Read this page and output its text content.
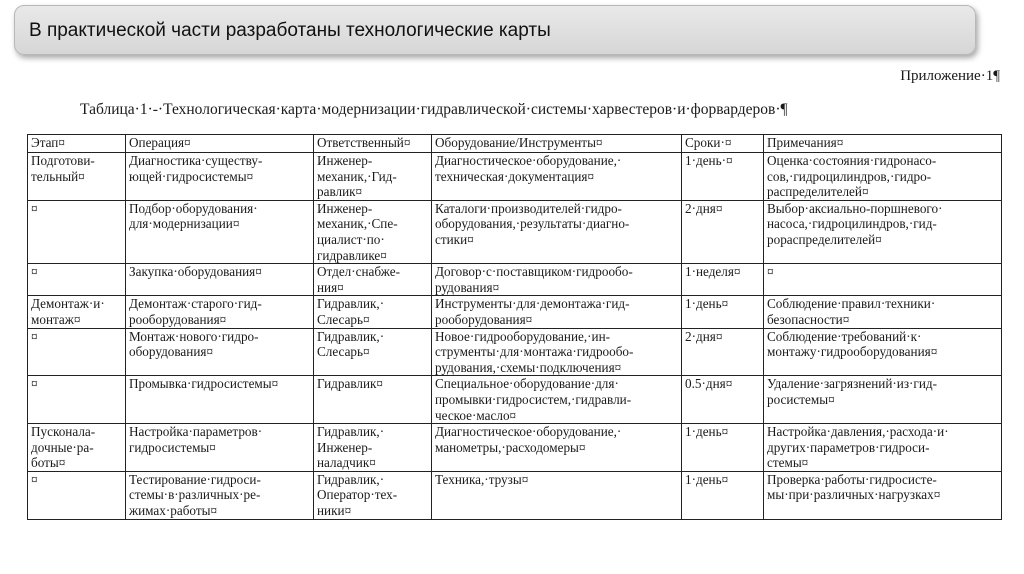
В практической части разработаны технологические карты
Приложение·1¶
Таблица·1·-·Технологическая·карта·модернизации·гидравлической·системы·харвестеров·и·форвардеров·¶
Этап¤	Операция¤	Ответственный¤	Оборудование/Инструменты¤	Сроки·¤	Примечания¤
Подготови-
тельный¤	Диагностика·существу-
ющей·гидросистемы¤	Инженер-
механик,·Гид-
равлик¤	Диагностическое·оборудование,·
техническая·документация¤	1·день·¤	Оценка·состояния·гидронасо-
сов,·гидроцилиндров,·гидро-
распределителей¤
¤	Подбор·оборудования·
для·модернизации¤	Инженер-
механик,·Спе-
циалист·по·
гидравлике¤	Каталоги·производителей·гидро-
оборудования,·результаты·диагно-
стики¤	2·дня¤	Выбор·аксиально-поршневого·
насоса,·гидроцилиндров,·гид-
рораспределителей¤
¤	Закупка·оборудования¤	Отдел·снабже-
ния¤	Договор·с·поставщиком·гидрообо-
рудования¤	1·неделя¤	¤
Демонтаж·и·
монтаж¤	Демонтаж·старого·гид-
рооборудования¤	Гидравлик,·
Слесарь¤	Инструменты·для·демонтажа·гид-
рооборудования¤	1·день¤	Соблюдение·правил·техники·
безопасности¤
¤	Монтаж·нового·гидро-
оборудования¤	Гидравлик,·
Слесарь¤	Новое·гидрооборудование,·ин-
струменты·для·монтажа·гидрообо-
рудования,·схемы·подключения¤	2·дня¤	Соблюдение·требований·к·
монтажу·гидрооборудования¤
¤	Промывка·гидросистемы¤	Гидравлик¤	Специальное·оборудование·для·
промывки·гидросистем,·гидравли-
ческое·масло¤	0.5·дня¤	Удаление·загрязнений·из·гид-
росистемы¤
Пусконала-
дочные·ра-
боты¤	Настройка·параметров·
гидросистемы¤	Гидравлик,·
Инженер-
наладчик¤	Диагностическое·оборудование,·
манометры,·расходомеры¤	1·день¤	Настройка·давления,·расхода·и·
других·параметров·гидроси-
стемы¤
¤	Тестирование·гидроси-
стемы·в·различных·ре-
жимах·работы¤	Гидравлик,·
Оператор·тех-
ники¤	Техника,·трузы¤	1·день¤	Проверка·работы·гидросисте-
мы·при·различных·нагрузках¤
